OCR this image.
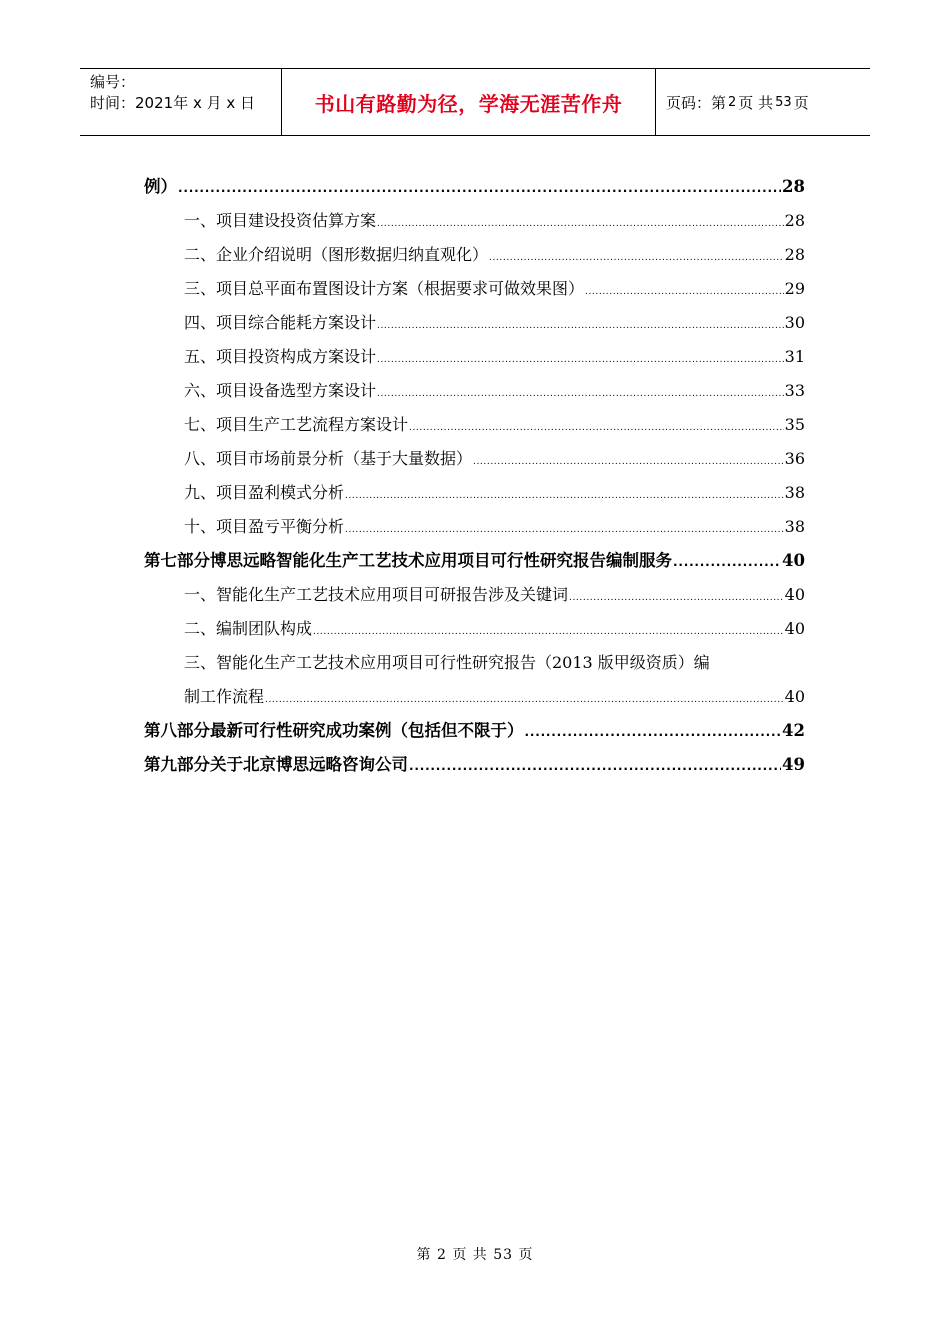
编号：
时间：2021年 x 月 x 日	书山有路勤为径，学海无涯苦作舟	页码：第 2 页 共 53 页
例） .....	28
一、项目建设投资估算方案 .....	28
二、企业介绍说明（图形数据归纳直观化） .....	28
三、项目总平面布置图设计方案（根据要求可做效果图） .....	29
四、项目综合能耗方案设计 .....	30
五、项目投资构成方案设计 .....	31
六、项目设备选型方案设计 .....	33
七、项目生产工艺流程方案设计 .....	35
八、项目市场前景分析（基于大量数据） .....	36
九、项目盈利模式分析 .....	38
十、项目盈亏平衡分析 .....	38
第七部分博思远略智能化生产工艺技术应用项目可行性研究报告编制服务 .....	40
一、智能化生产工艺技术应用项目可研报告涉及关键词 .....	40
二、编制团队构成 .....	40
三、智能化生产工艺技术应用项目可行性研究报告（2013 版甲级资质）编
制工作流程 .....	40
第八部分最新可行性研究成功案例（包括但不限于） .....	42
第九部分关于北京博思远略咨询公司 .....	49
第 2 页 共 53 页
